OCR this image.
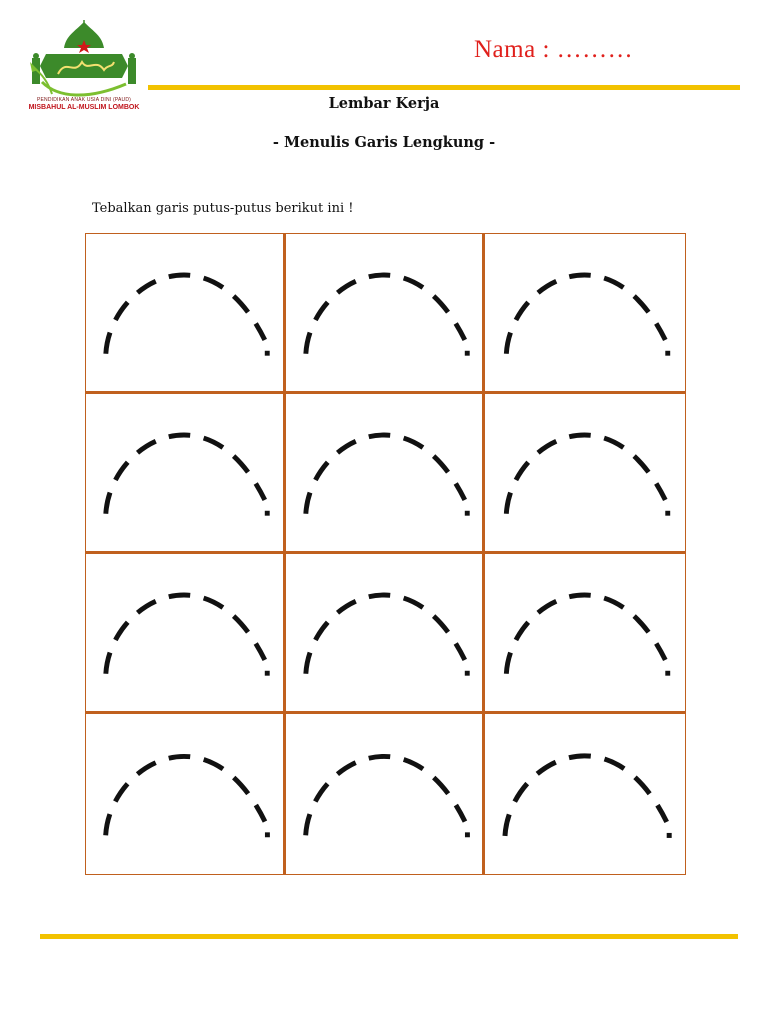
PENDIDIKAN ANAK USIA DINI (PAUD)
MISBAHUL AL-MUSLIM LOMBOK
Nama : ………
Lembar Kerja
- Menulis Garis Lengkung -
Tebalkan garis putus-putus berikut ini !
